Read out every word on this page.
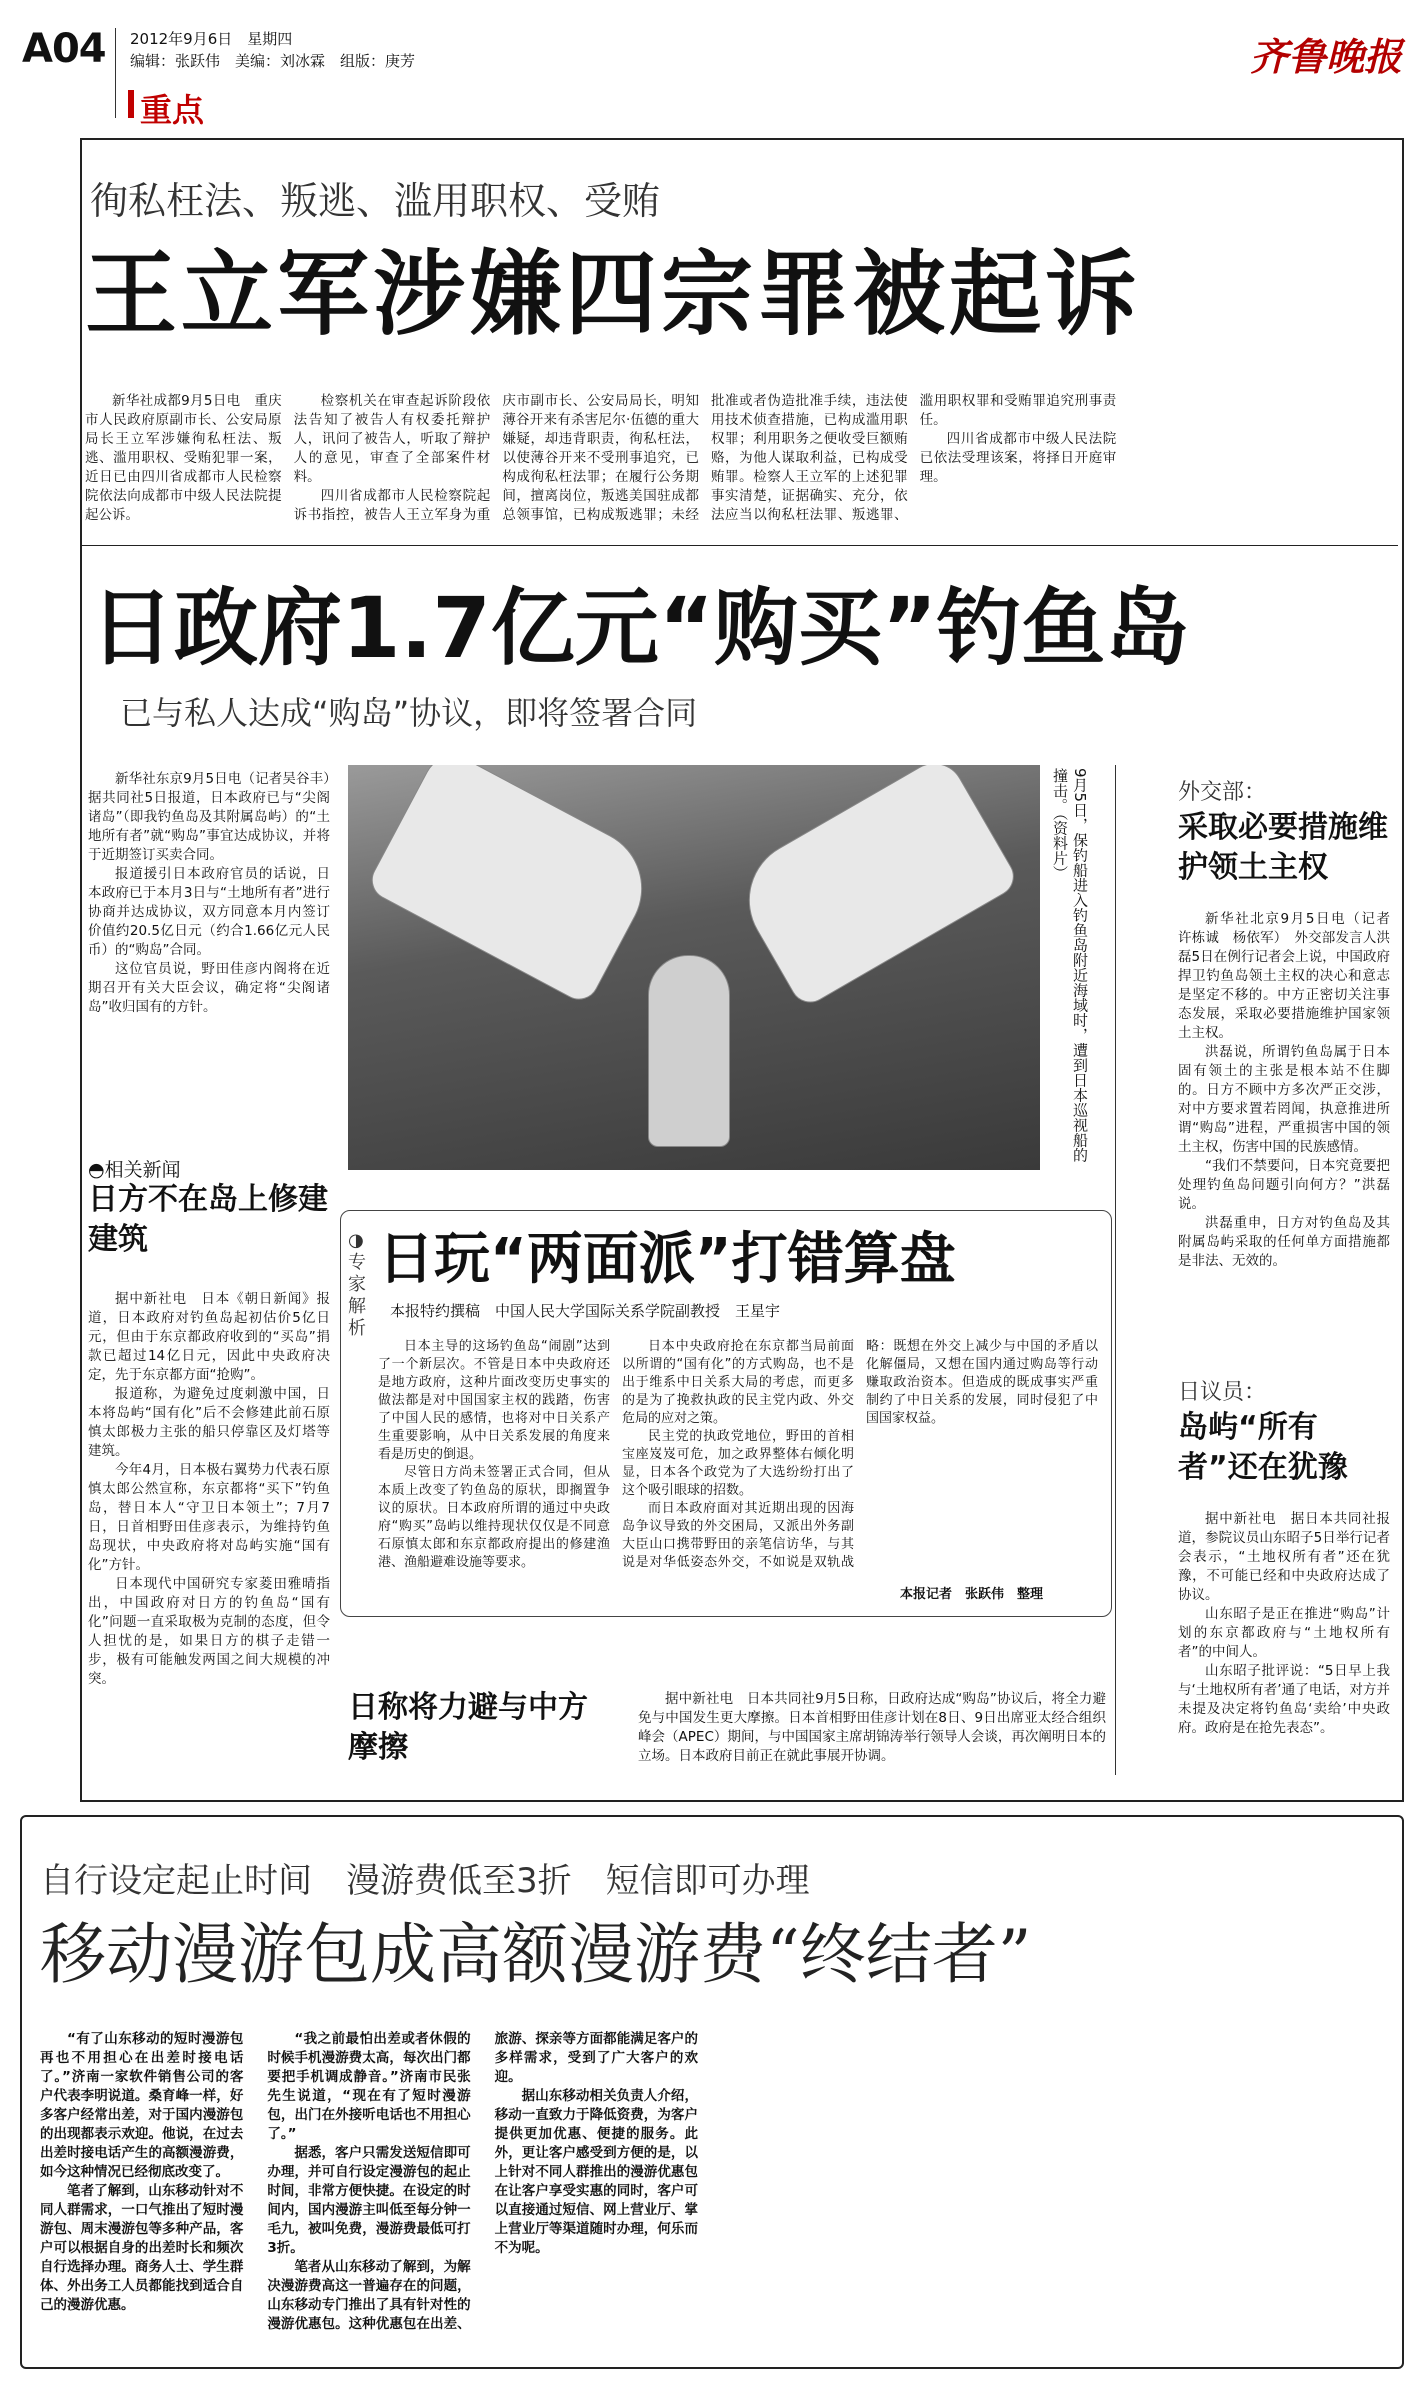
A04 2012年9月6日　星期四
编辑：张跃伟　美编：刘冰霖　组版：庚芳	齐鲁晚报
重点
徇私枉法、叛逃、滥用职权、受贿
王立军涉嫌四宗罪被起诉

新华社成都9月5日电　重庆市人民政府原副市长、公安局原局长王立军涉嫌徇私枉法、叛逃、滥用职权、受贿犯罪一案，近日已由四川省成都市人民检察院依法向成都市中级人民法院提起公诉。

检察机关在审查起诉阶段依法告知了被告人有权委托辩护人，讯问了被告人，听取了辩护人的意见，审查了全部案件材料。

四川省成都市人民检察院起诉书指控，被告人王立军身为重庆市副市长、公安局局长，明知薄谷开来有杀害尼尔·伍德的重大嫌疑，却违背职责，徇私枉法，以使薄谷开来不受刑事追究，已构成徇私枉法罪；在履行公务期间，擅离岗位，叛逃美国驻成都总领事馆，已构成叛逃罪；未经批准或者伪造批准手续，违法使用技术侦查措施，已构成滥用职权罪；利用职务之便收受巨额贿赂，为他人谋取利益，已构成受贿罪。检察人王立军的上述犯罪事实清楚，证据确实、充分，依法应当以徇私枉法罪、叛逃罪、滥用职权罪和受贿罪追究刑事责任。

四川省成都市中级人民法院已依法受理该案，将择日开庭审理。

日政府1.7亿元“购买”钓鱼岛
已与私人达成“购岛”协议，即将签署合同

新华社东京9月5日电（记者吴谷丰）　据共同社5日报道，日本政府已与“尖阁诸岛”（即我钓鱼岛及其附属岛屿）的“土地所有者”就“购岛”事宜达成协议，并将于近期签订买卖合同。

报道援引日本政府官员的话说，日本政府已于本月3日与“土地所有者”进行协商并达成协议，双方同意本月内签订价值约20.5亿日元（约合1.66亿元人民币）的“购岛”合同。

这位官员说，野田佳彦内阁将在近期召开有关大臣会议，确定将“尖阁诸岛”收归国有的方针。	9月5日，保钓船进入钓鱼岛附近海域时，遭到日本巡视船的撞击。（资料片）
◓相关新闻
日方不在岛上修建建筑

据中新社电　日本《朝日新闻》报道，日本政府对钓鱼岛起初估价5亿日元，但由于东京都政府收到的“买岛”捐款已超过14亿日元，因此中央政府决定，先于东京都方面“抢购”。

报道称，为避免过度刺激中国，日本将岛屿“国有化”后不会修建此前石原慎太郎极力主张的船只停靠区及灯塔等建筑。

今年4月，日本极右翼势力代表石原慎太郎公然宣称，东京都将“买下”钓鱼岛，替日本人“守卫日本领土”；7月7日，日首相野田佳彦表示，为维持钓鱼岛现状，中央政府将对岛屿实施“国有化”方针。

日本现代中国研究专家菱田雅晴指出，中国政府对日方的钓鱼岛“国有化”问题一直采取极为克制的态度，但令人担忧的是，如果日方的棋子走错一步，极有可能触发两国之间大规模的冲突。

外交部：
采取必要措施维护领土主权

新华社北京9月5日电（记者　许栋诚　杨依军）　外交部发言人洪磊5日在例行记者会上说，中国政府捍卫钓鱼岛领土主权的决心和意志是坚定不移的。中方正密切关注事态发展，采取必要措施维护国家领土主权。

洪磊说，所谓钓鱼岛属于日本固有领土的主张是根本站不住脚的。日方不顾中方多次严正交涉，对中方要求置若罔闻，执意推进所谓“购岛”进程，严重损害中国的领土主权，伤害中国的民族感情。

“我们不禁要问，日本究竟要把处理钓鱼岛问题引向何方？”洪磊说。

洪磊重申，日方对钓鱼岛及其附属岛屿采取的任何单方面措施都是非法、无效的。

日议员：
岛屿“所有者”还在犹豫

据中新社电　据日本共同社报道，参院议员山东昭子5日举行记者会表示，“土地权所有者”还在犹豫，不可能已经和中央政府达成了协议。

山东昭子是正在推进“购岛”计划的东京都政府与“土地权所有者”的中间人。

山东昭子批评说：“5日早上我与‘土地权所有者’通了电话，对方并未提及决定将钓鱼岛‘卖给’中央政府。政府是在抢先表态”。

◑专家解析
日玩“两面派”打错算盘
本报特约撰稿　中国人民大学国际关系学院副教授　王星宇

日本主导的这场钓鱼岛“闹剧”达到了一个新层次。不管是日本中央政府还是地方政府，这种片面改变历史事实的做法都是对中国国家主权的践踏，伤害了中国人民的感情，也将对中日关系产生重要影响，从中日关系发展的角度来看是历史的倒退。

尽管日方尚未签署正式合同，但从本质上改变了钓鱼岛的原状，即搁置争议的原状。日本政府所谓的通过中央政府“购买”岛屿以维持现状仅仅是不同意石原慎太郎和东京都政府提出的修建渔港、渔船避难设施等要求。

日本中央政府抢在东京都当局前面以所谓的“国有化”的方式购岛，也不是出于维系中日关系大局的考虑，而更多的是为了挽救执政的民主党内政、外交危局的应对之策。

民主党的执政党地位，野田的首相宝座岌岌可危，加之政界整体右倾化明显，日本各个政党为了大选纷纷打出了这个吸引眼球的招数。

而日本政府面对其近期出现的因海岛争议导致的外交困局，又派出外务副大臣山口携带野田的亲笔信访华，与其说是对华低姿态外交，不如说是双轨战略：既想在外交上减少与中国的矛盾以化解僵局，又想在国内通过购岛等行动赚取政治资本。但造成的既成事实严重制约了中日关系的发展，同时侵犯了中国国家权益。

本报记者　张跃伟　整理
日称将力避与中方摩擦

据中新社电　日本共同社9月5日称，日政府达成“购岛”协议后，将全力避免与中国发生更大摩擦。日本首相野田佳彦计划在8日、9日出席亚太经合组织峰会（APEC）期间，与中国国家主席胡锦涛举行领导人会谈，再次阐明日本的立场。日本政府目前正在就此事展开协调。

自行设定起止时间　漫游费低至3折　短信即可办理
移动漫游包成高额漫游费“终结者”

“有了山东移动的短时漫游包再也不用担心在出差时接电话了。”济南一家软件销售公司的客户代表李明说道。桑育峰一样，好多客户经常出差，对于国内漫游包的出现都表示欢迎。他说，在过去出差时接电话产生的高额漫游费，如今这种情况已经彻底改变了。

笔者了解到，山东移动针对不同人群需求，一口气推出了短时漫游包、周末漫游包等多种产品，客户可以根据自身的出差时长和频次自行选择办理。商务人士、学生群体、外出务工人员都能找到适合自己的漫游优惠。

“我之前最怕出差或者休假的时候手机漫游费太高，每次出门都要把手机调成静音。”济南市民张先生说道，“现在有了短时漫游包，出门在外接听电话也不用担心了。”

据悉，客户只需发送短信即可办理，并可自行设定漫游包的起止时间，非常方便快捷。在设定的时间内，国内漫游主叫低至每分钟一毛九，被叫免费，漫游费最低可打3折。

笔者从山东移动了解到，为解决漫游费高这一普遍存在的问题，山东移动专门推出了具有针对性的漫游优惠包。这种优惠包在出差、旅游、探亲等方面都能满足客户的多样需求，受到了广大客户的欢迎。

据山东移动相关负责人介绍，移动一直致力于降低资费，为客户提供更加优惠、便捷的服务。此外，更让客户感受到方便的是，以上针对不同人群推出的漫游优惠包在让客户享受实惠的同时，客户可以直接通过短信、网上营业厅、掌上营业厅等渠道随时办理，何乐而不为呢。
